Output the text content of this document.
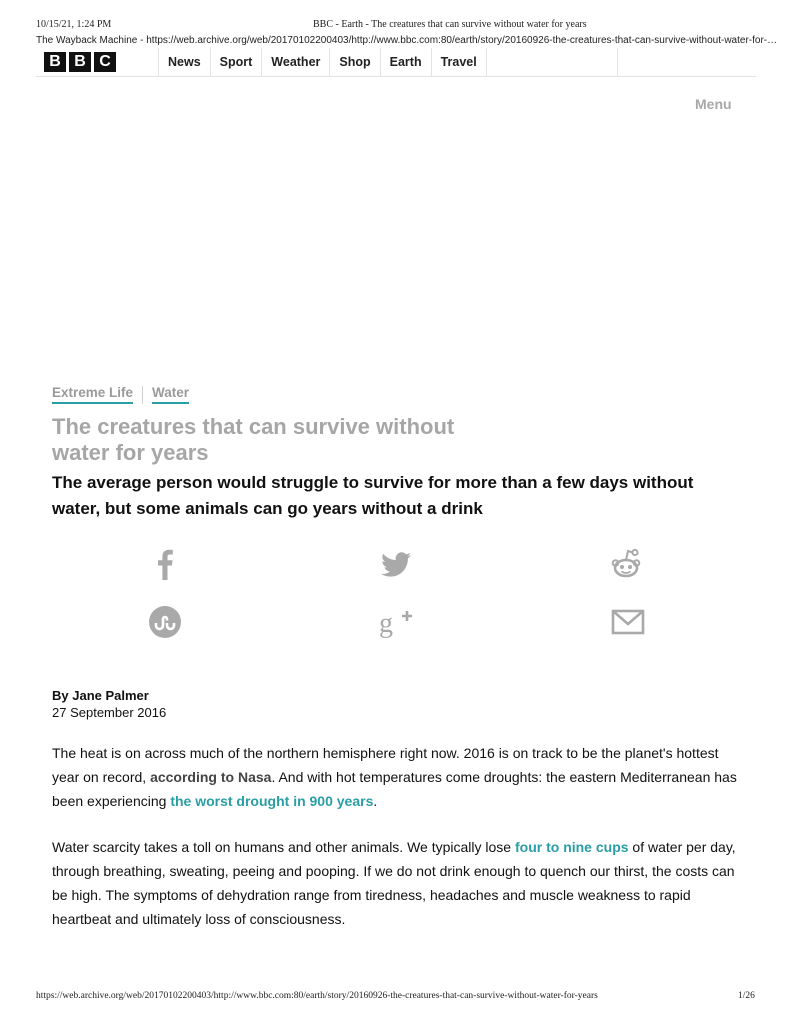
10/15/21, 1:24 PM	BBC - Earth - The creatures that can survive without water for years
The Wayback Machine - https://web.archive.org/web/20170102200403/http://www.bbc.com:80/earth/story/20160926-the-creatures-that-can-survive-without-water-for-…
B B C	News	Sport	Weather	Shop	Earth	Travel
Menu
Extreme Life Water
The creatures that can survive without water for years

The average person would struggle to survive for more than a few days without water, but some animals can go years without a drink

g
By Jane Palmer
27 September 2016

The heat is on across much of the northern hemisphere right now. 2016 is on track to be the planet's hottest year on record, according to Nasa. And with hot temperatures come droughts: the eastern Mediterranean has been experiencing the worst drought in 900 years.

Water scarcity takes a toll on humans and other animals. We typically lose four to nine cups of water per day, through breathing, sweating, peeing and pooping. If we do not drink enough to quench our thirst, the costs can be high. The symptoms of dehydration range from tiredness, headaches and muscle weakness to rapid heartbeat and ultimately loss of consciousness.

https://web.archive.org/web/20170102200403/http://www.bbc.com:80/earth/story/20160926-the-creatures-that-can-survive-without-water-for-years	1/26
